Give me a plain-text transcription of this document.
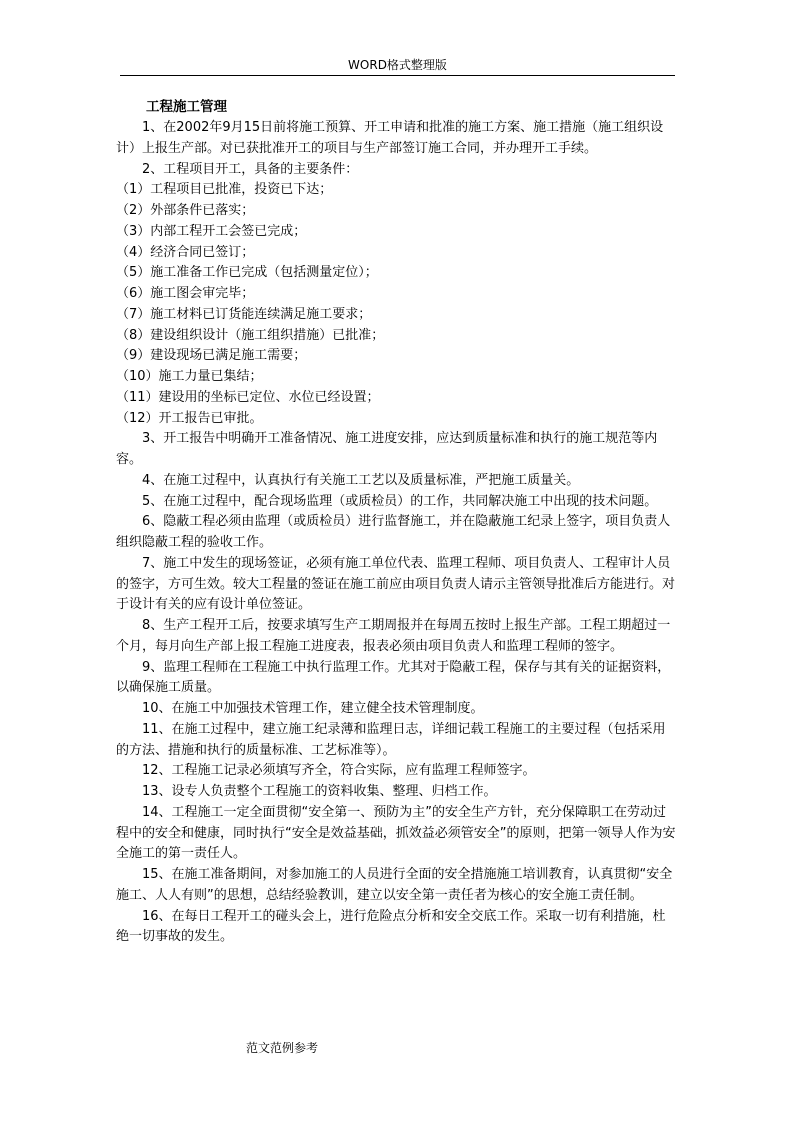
WORD格式整理版
工程施工管理

1、在2002年9月15日前将施工预算、开工申请和批准的施工方案、施工措施（施工组织设计）上报生产部。对已获批准开工的项目与生产部签订施工合同，并办理开工手续。

2、工程项目开工，具备的主要条件：

（1）工程项目已批准，投资已下达；

（2）外部条件已落实；

（3）内部工程开工会签已完成；

（4）经济合同已签订；

（5）施工准备工作已完成（包括测量定位）；

（6）施工图会审完毕；

（7）施工材料已订货能连续满足施工要求；

（8）建设组织设计（施工组织措施）已批准；

（9）建设现场已满足施工需要；

（10）施工力量已集结；

（11）建设用的坐标已定位、水位已经设置；

（12）开工报告已审批。

3、开工报告中明确开工准备情况、施工进度安排，应达到质量标准和执行的施工规范等内容。

4、在施工过程中，认真执行有关施工工艺以及质量标准，严把施工质量关。

5、在施工过程中，配合现场监理（或质检员）的工作，共同解决施工中出现的技术问题。

6、隐蔽工程必须由监理（或质检员）进行监督施工，并在隐蔽施工纪录上签字，项目负责人组织隐蔽工程的验收工作。

7、施工中发生的现场签证，必须有施工单位代表、监理工程师、项目负责人、工程审计人员的签字，方可生效。较大工程量的签证在施工前应由项目负责人请示主管领导批准后方能进行。对于设计有关的应有设计单位签证。

8、生产工程开工后，按要求填写生产工期周报并在每周五按时上报生产部。工程工期超过一个月，每月向生产部上报工程施工进度表，报表必须由项目负责人和监理工程师的签字。

9、监理工程师在工程施工中执行监理工作。尤其对于隐蔽工程，保存与其有关的证据资料，以确保施工质量。

10、在施工中加强技术管理工作，建立健全技术管理制度。

11、在施工过程中，建立施工纪录薄和监理日志，详细记载工程施工的主要过程（包括采用的方法、措施和执行的质量标准、工艺标准等）。

12、工程施工记录必须填写齐全，符合实际，应有监理工程师签字。

13、设专人负责整个工程施工的资料收集、整理、归档工作。

14、工程施工一定全面贯彻“安全第一、预防为主”的安全生产方针，充分保障职工在劳动过程中的安全和健康，同时执行“安全是效益基础，抓效益必须管安全”的原则，把第一领导人作为安全施工的第一责任人。

15、在施工准备期间，对参加施工的人员进行全面的安全措施施工培训教育，认真贯彻“安全施工、人人有则”的思想，总结经验教训，建立以安全第一责任者为核心的安全施工责任制。

16、在每日工程开工的碰头会上，进行危险点分析和安全交底工作。采取一切有利措施，杜绝一切事故的发生。

范文范例参考
